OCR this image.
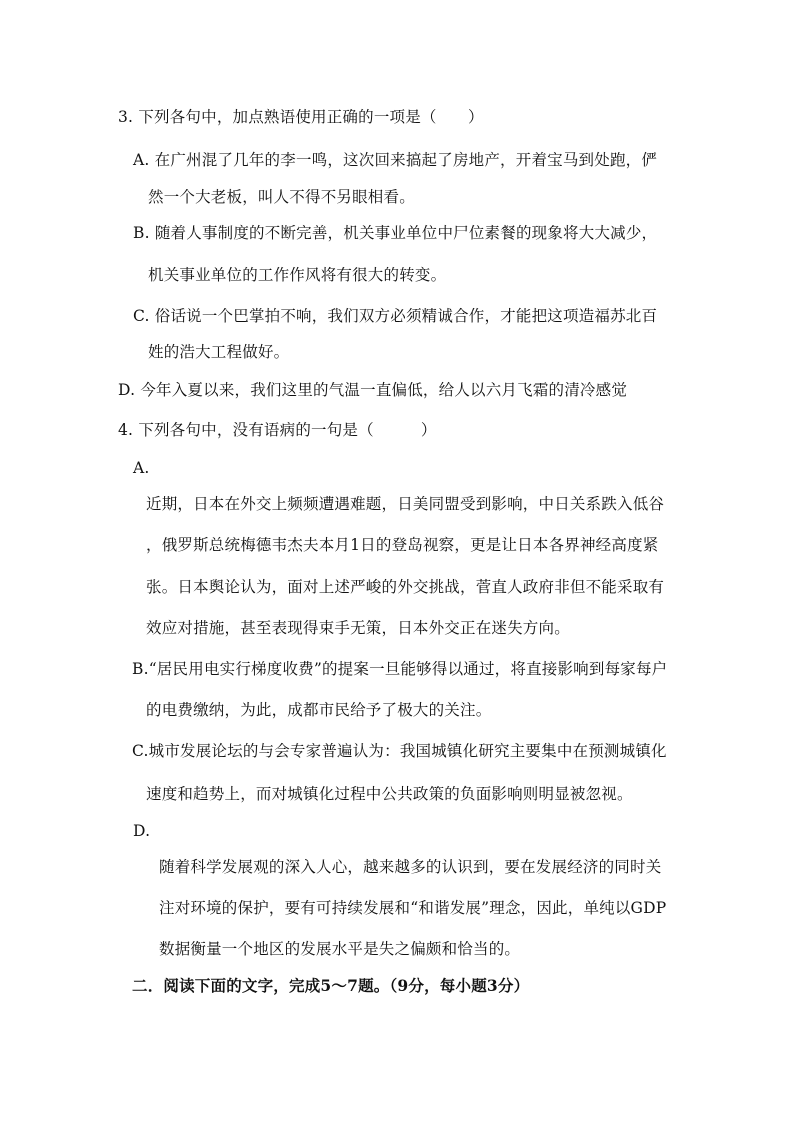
3. 下列各句中，加点熟语使用正确的一项是（　　）
A. 在广州混了几年的李一鸣，这次回来搞起了房地产，开着宝马到处跑，俨
然一个大老板，叫人不得不另眼相看。
B. 随着人事制度的不断完善，机关事业单位中尸位素餐的现象将大大减少，
机关事业单位的工作作风将有很大的转变。
C. 俗话说一个巴掌拍不响，我们双方必须精诚合作，才能把这项造福苏北百
姓的浩大工程做好。
D. 今年入夏以来，我们这里的气温一直偏低，给人以六月飞霜的清冷感觉
4. 下列各句中，没有语病的一句是（　　　）
A.
近期，日本在外交上频频遭遇难题，日美同盟受到影响，中日关系跌入低谷
，俄罗斯总统梅德韦杰夫本月1日的登岛视察，更是让日本各界神经高度紧
张。日本舆论认为，面对上述严峻的外交挑战，菅直人政府非但不能采取有
效应对措施，甚至表现得束手无策，日本外交正在迷失方向。
B.“居民用电实行梯度收费”的提案一旦能够得以通过，将直接影响到每家每户
的电费缴纳，为此，成都市民给予了极大的关注。
C.城市发展论坛的与会专家普遍认为：我国城镇化研究主要集中在预测城镇化
速度和趋势上，而对城镇化过程中公共政策的负面影响则明显被忽视。
D.
随着科学发展观的深入人心，越来越多的认识到，要在发展经济的同时关
注对环境的保护，要有可持续发展和“和谐发展”理念，因此，单纯以GDP
数据衡量一个地区的发展水平是失之偏颇和恰当的。
二．阅读下面的文字，完成5～7题。（9分，每小题3分）
